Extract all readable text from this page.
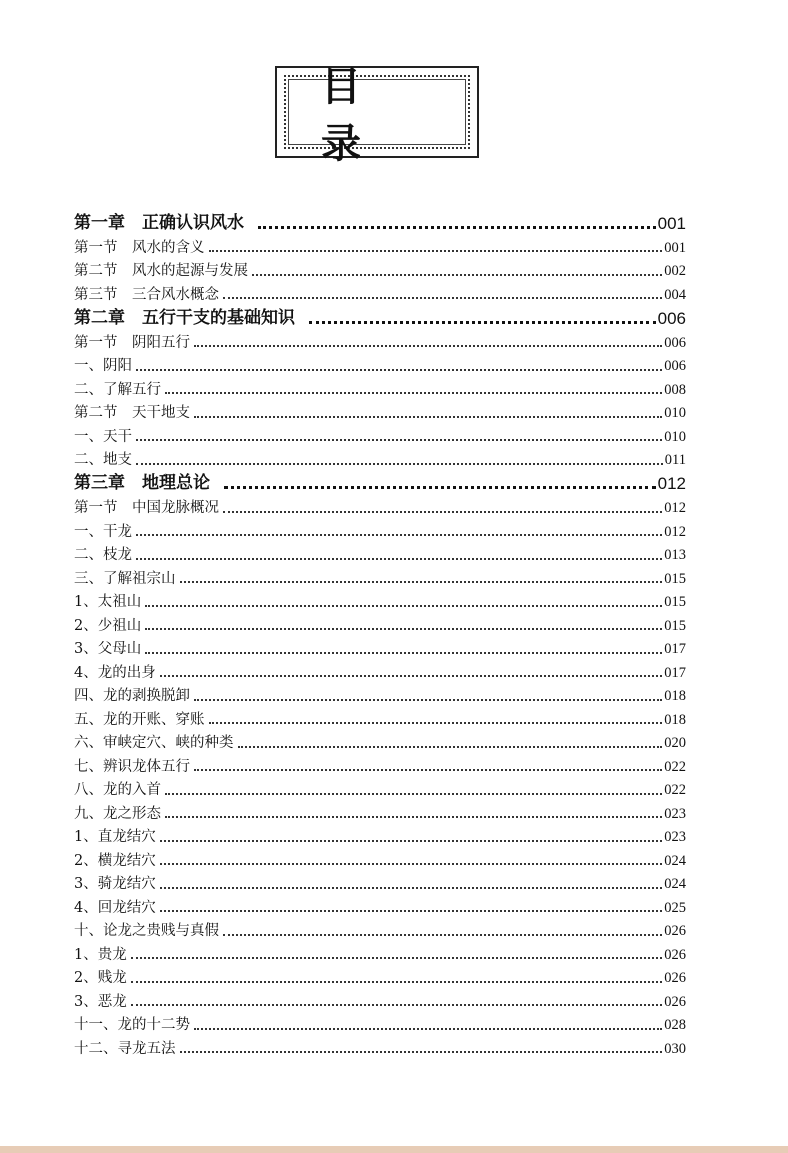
目 录
第一章　正确认识风水	001
第一节　风水的含义	001
第二节　风水的起源与发展	002
第三节　三合风水概念	004
第二章　五行干支的基础知识	006
第一节　阴阳五行	006
一、阴阳	006
二、了解五行	008
第二节　天干地支	010
一、天干	010
二、地支	011
第三章　地理总论	012
第一节　中国龙脉概况	012
一、干龙	012
二、枝龙	013
三、了解祖宗山	015
1、太祖山	015
2、少祖山	015
3、父母山	017
4、龙的出身	017
四、龙的剥换脱卸	018
五、龙的开账、穿账	018
六、审峡定穴、峡的种类	020
七、辨识龙体五行	022
八、龙的入首	022
九、龙之形态	023
1、直龙结穴	023
2、横龙结穴	024
3、骑龙结穴	024
4、回龙结穴	025
十、论龙之贵贱与真假	026
1、贵龙	026
2、贱龙	026
3、恶龙	026
十一、龙的十二势	028
十二、寻龙五法	030
